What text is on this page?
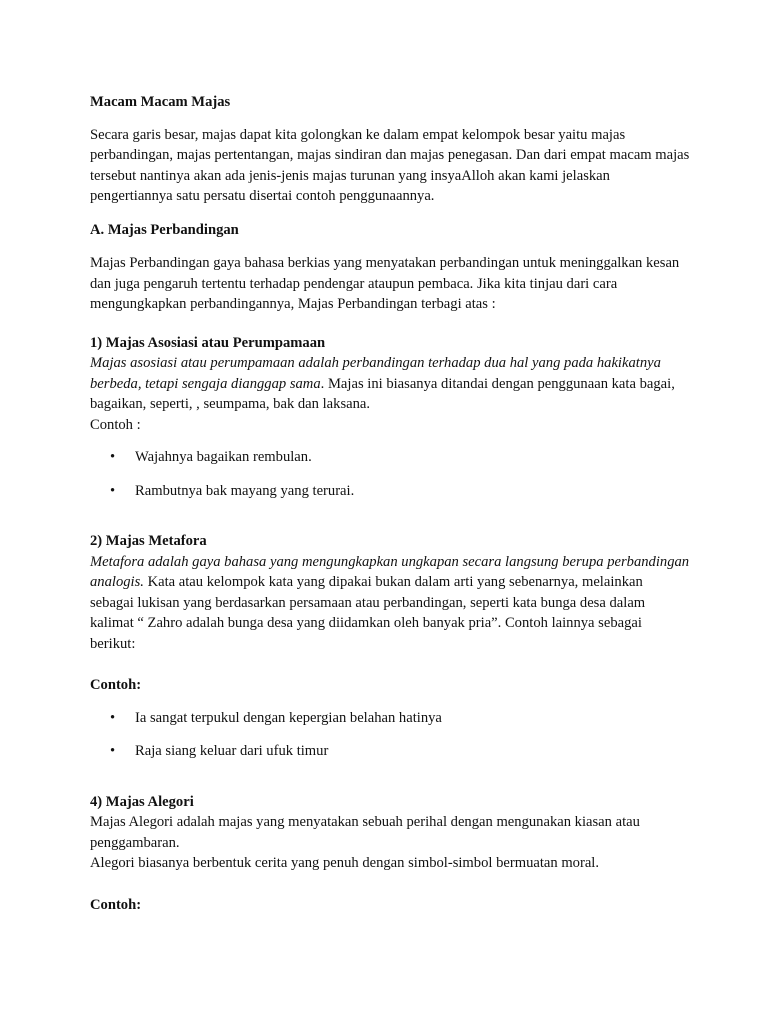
Macam Macam Majas

Secara garis besar, majas dapat kita golongkan ke dalam empat kelompok besar yaitu majas perbandingan, majas pertentangan, majas sindiran dan majas penegasan. Dan dari empat macam majas tersebut nantinya akan ada jenis-jenis majas turunan yang insyaAlloh akan kami jelaskan pengertiannya satu persatu disertai contoh penggunaannya.

A. Majas Perbandingan

Majas Perbandingan gaya bahasa berkias yang menyatakan perbandingan untuk meninggalkan kesan dan juga pengaruh tertentu terhadap pendengar ataupun pembaca. Jika kita tinjau dari cara mengungkapkan perbandingannya, Majas Perbandingan terbagi atas :

1) Majas Asosiasi atau Perumpamaan

Majas asosiasi atau perumpamaan adalah perbandingan terhadap dua hal yang pada hakikatnya berbeda, tetapi sengaja dianggap sama. Majas ini biasanya ditandai dengan penggunaan kata bagai, bagaikan, seperti, , seumpama, bak dan laksana.

Contoh :

• Wajahnya bagaikan rembulan.
• Rambutnya bak mayang yang terurai.

2) Majas Metafora

Metafora adalah gaya bahasa yang mengungkapkan ungkapan secara langsung berupa perbandingan analogis. Kata atau kelompok kata yang dipakai bukan dalam arti yang sebenarnya, melainkan sebagai lukisan yang berdasarkan persamaan atau perbandingan, seperti kata bunga desa dalam kalimat “ Zahro adalah bunga desa yang diidamkan oleh banyak pria”. Contoh lainnya sebagai berikut:

Contoh:

• Ia sangat terpukul dengan kepergian belahan hatinya
• Raja siang keluar dari ufuk timur

4) Majas Alegori

Majas Alegori adalah majas yang menyatakan sebuah perihal dengan mengunakan kiasan atau penggambaran.

Alegori biasanya berbentuk cerita yang penuh dengan simbol-simbol bermuatan moral.

Contoh:
